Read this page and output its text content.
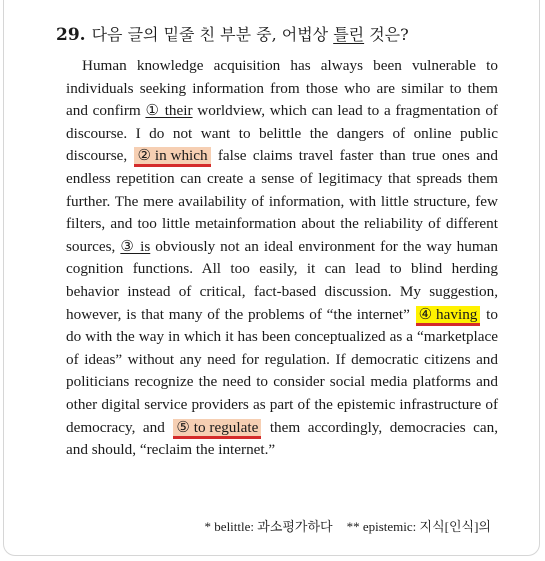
29. 다음 글의 밑줄 친 부분 중, 어법상 틀린 것은?

Human knowledge acquisition has always been vulnerable to individuals seeking information from those who are similar to them and confirm ① their worldview, which can lead to a fragmentation of discourse. I do not want to belittle the dangers of online public discourse, ② in which false claims travel faster than true ones and endless repetition can create a sense of legitimacy that spreads them further. The mere availability of information, with little structure, few filters, and too little metainformation about the reliability of different sources, ③ is obviously not an ideal environment for the way human cognition functions. All too easily, it can lead to blind herding behavior instead of critical, fact-based discussion. My suggestion, however, is that many of the problems of “the internet” ④ having to do with the way in which it has been conceptualized as a “marketplace of ideas” without any need for regulation. If democratic citizens and politicians recognize the need to consider social media platforms and other digital service providers as part of the epistemic infrastructure of democracy, and ⑤ to regulate them accordingly, democracies can, and should, “reclaim the internet.”

* belittle: 과소평가하다 ** epistemic: 지식[인식]의
